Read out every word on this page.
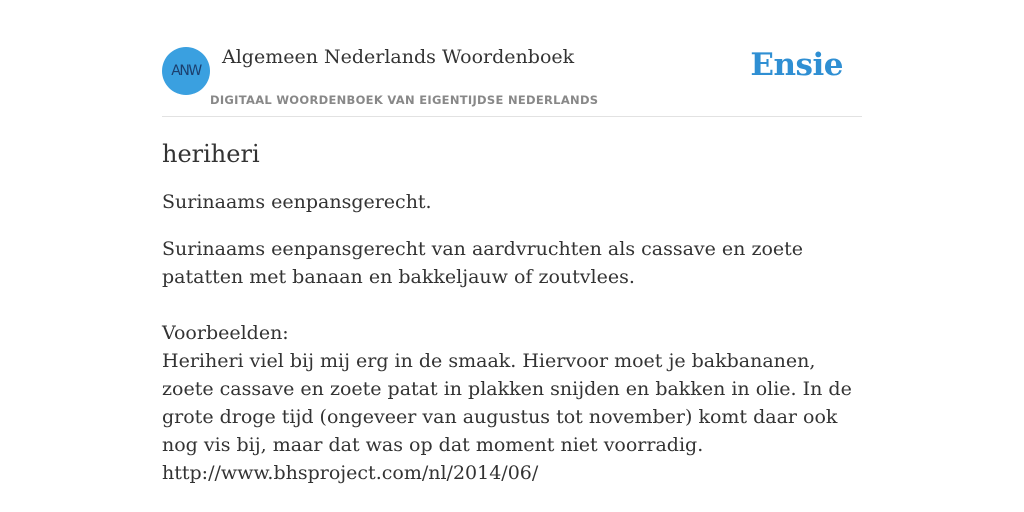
ANW
Algemeen Nederlands Woordenboek
DIGITAAL WOORDENBOEK VAN EIGENTIJDSE NEDERLANDS
Ensie
heriheri

Surinaams eenpansgerecht.

Surinaams eenpansgerecht van aardvruchten als cassave en zoete patatten met banaan en bakkeljauw of zoutvlees.

Voorbeelden:

Heriheri viel bij mij erg in de smaak. Hiervoor moet je bakbananen, zoete cassave en zoete patat in plakken snijden en bakken in olie. In de grote droge tijd (ongeveer van augustus tot november) komt daar ook nog vis bij, maar dat was op dat moment niet voorradig.

http://www.bhsproject.com/nl/2014/06/
